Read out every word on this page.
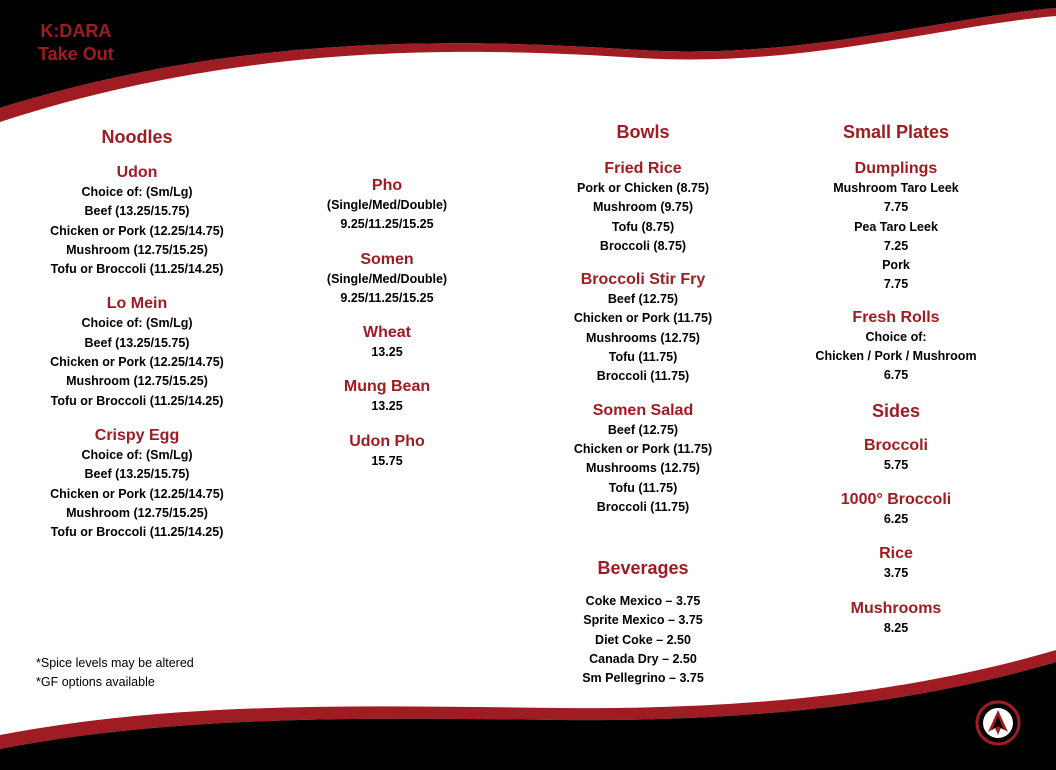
K:DARA
Take Out
Noodles
Udon
Choice of: (Sm/Lg)
Beef (13.25/15.75)
Chicken or Pork (12.25/14.75)
Mushroom (12.75/15.25)
Tofu or Broccoli (11.25/14.25)
Lo Mein
Choice of: (Sm/Lg)
Beef (13.25/15.75)
Chicken or Pork (12.25/14.75)
Mushroom (12.75/15.25)
Tofu or Broccoli (11.25/14.25)
Crispy Egg
Choice of: (Sm/Lg)
Beef (13.25/15.75)
Chicken or Pork (12.25/14.75)
Mushroom (12.75/15.25)
Tofu or Broccoli (11.25/14.25)
Pho
(Single/Med/Double)
9.25/11.25/15.25
Somen
(Single/Med/Double)
9.25/11.25/15.25
Wheat
13.25
Mung Bean
13.25
Udon Pho
15.75
Bowls
Fried Rice
Pork or Chicken (8.75)
Mushroom (9.75)
Tofu (8.75)
Broccoli (8.75)
Broccoli Stir Fry
Beef (12.75)
Chicken or Pork (11.75)
Mushrooms (12.75)
Tofu (11.75)
Broccoli (11.75)
Somen Salad
Beef (12.75)
Chicken or Pork (11.75)
Mushrooms (12.75)
Tofu (11.75)
Broccoli (11.75)
Beverages
Coke Mexico – 3.75
Sprite Mexico – 3.75
Diet Coke – 2.50
Canada Dry – 2.50
Sm Pellegrino – 3.75
Small Plates
Dumplings
Mushroom Taro Leek
7.75
Pea Taro Leek
7.25
Pork
7.75
Fresh Rolls
Choice of:
Chicken / Pork / Mushroom
6.75
Sides
Broccoli
5.75
1000° Broccoli
6.25
Rice
3.75
Mushrooms
8.25
*Spice levels may be altered
*GF options available
